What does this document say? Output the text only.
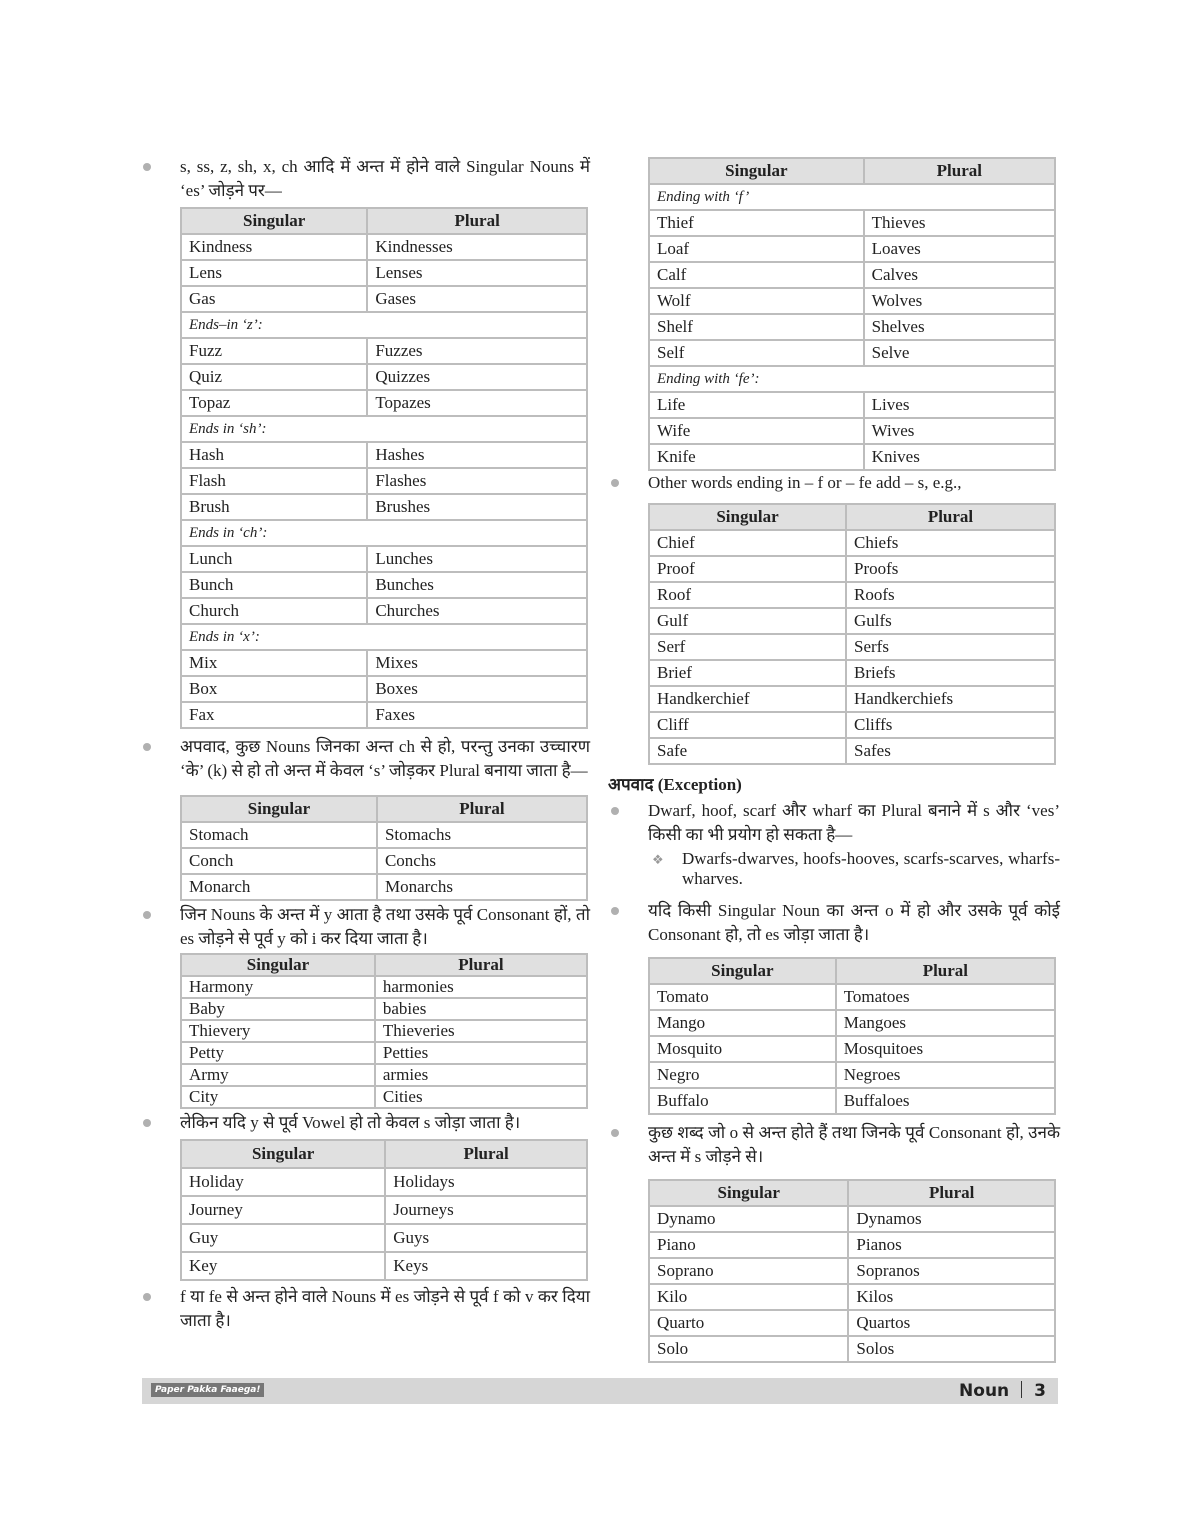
s, ss, z, sh, x, ch आदि में अन्त में होने वाले Singular Nouns में ‘es’ जोड़ने पर—
Singular	Plural
Kindness	Kindnesses
Lens	Lenses
Gas	Gases
Ends–in ‘z’:	
Fuzz	Fuzzes
Quiz	Quizzes
Topaz	Topazes
Ends in ‘sh’:	
Hash	Hashes
Flash	Flashes
Brush	Brushes
Ends in ‘ch’:	
Lunch	Lunches
Bunch	Bunches
Church	Churches
Ends in ‘x’:	
Mix	Mixes
Box	Boxes
Fax	Faxes
अपवाद, कुछ Nouns जिनका अन्त ch से हो, परन्तु उनका उच्चारण ‘के’ (k) से हो तो अन्त में केवल ‘s’ जोड़कर Plural बनाया जाता है—
Singular	Plural
Stomach	Stomachs
Conch	Conchs
Monarch	Monarchs
जिन Nouns के अन्त में y आता है तथा उसके पूर्व Consonant हों, तो es जोड़ने से पूर्व y को i कर दिया जाता है।
Singular	Plural
Harmony	harmonies
Baby	babies
Thievery	Thieveries
Petty	Petties
Army	armies
City	Cities
लेकिन यदि y से पूर्व Vowel हो तो केवल s जोड़ा जाता है।
Singular	Plural
Holiday	Holidays
Journey	Journeys
Guy	Guys
Key	Keys
f या fe से अन्त होने वाले Nouns में es जोड़ने से पूर्व f को v कर दिया जाता है।
Singular	Plural
Ending with ‘f’	
Thief	Thieves
Loaf	Loaves
Calf	Calves
Wolf	Wolves
Shelf	Shelves
Self	Selve
Ending with ‘fe’:	
Life	Lives
Wife	Wives
Knife	Knives
Other words ending in – f or – fe add – s, e.g.,
Singular	Plural
Chief	Chiefs
Proof	Proofs
Roof	Roofs
Gulf	Gulfs
Serf	Serfs
Brief	Briefs
Handkerchief	Handkerchiefs
Cliff	Cliffs
Safe	Safes
अपवाद (Exception)
Dwarf, hoof, scarf और wharf का Plural बनाने में s और ‘ves’ किसी का भी प्रयोग हो सकता है—
❖ Dwarfs-dwarves, hoofs-hooves, scarfs-scarves, wharfs- wharves.
यदि किसी Singular Noun का अन्त o में हो और उसके पूर्व कोई Consonant हो, तो es जोड़ा जाता है।
Singular	Plural
Tomato	Tomatoes
Mango	Mangoes
Mosquito	Mosquitoes
Negro	Negroes
Buffalo	Buffaloes
कुछ शब्द जो o से अन्त होते हैं तथा जिनके पूर्व Consonant हो, उनके अन्त में s जोड़ने से।
Singular	Plural
Dynamo	Dynamos
Piano	Pianos
Soprano	Sopranos
Kilo	Kilos
Quarto	Quartos
Solo	Solos
Paper Pakka Faaega!	Noun 3
